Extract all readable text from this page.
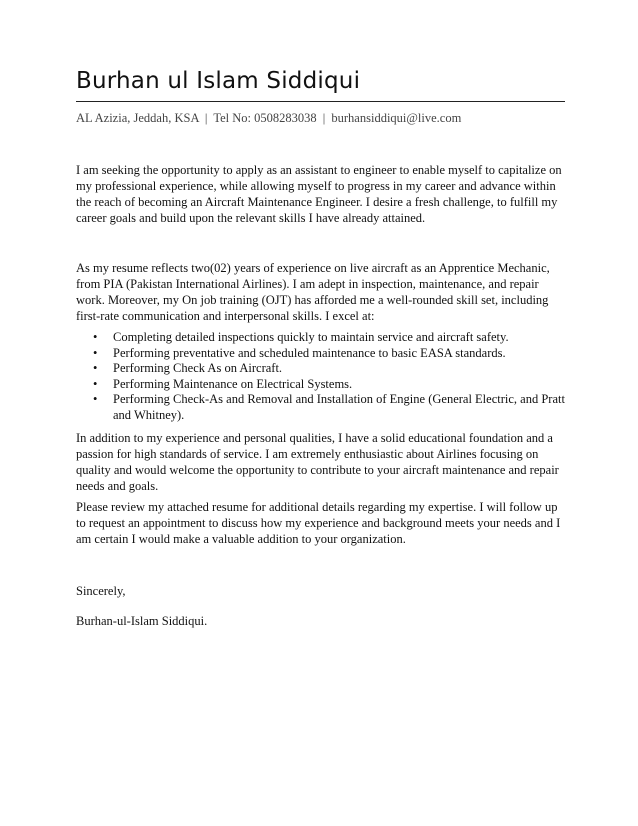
Burhan ul Islam Siddiqui
AL Azizia, Jeddah, KSA | Tel No: 0508283038 | burhansiddiqui@live.com
I am seeking the opportunity to apply as an assistant to engineer to enable myself to capitalize on my professional experience, while allowing myself to progress in my career and advance within the reach of becoming an Aircraft Maintenance Engineer. I desire a fresh challenge, to fulfill my career goals and build upon the relevant skills I have already attained.
As my resume reflects two(02) years of experience on live aircraft as an Apprentice Mechanic, from PIA (Pakistan International Airlines). I am adept in inspection, maintenance, and repair work. Moreover, my On job training (OJT) has afforded me a well-rounded skill set, including first-rate communication and interpersonal skills. I excel at:
• Completing detailed inspections quickly to maintain service and aircraft safety.
• Performing preventative and scheduled maintenance to basic EASA standards.
• Performing Check As on Aircraft.
• Performing Maintenance on Electrical Systems.
• Performing Check-As and Removal and Installation of Engine (General Electric, and Pratt and Whitney).
In addition to my experience and personal qualities, I have a solid educational foundation and a passion for high standards of service. I am extremely enthusiastic about Airlines focusing on quality and would welcome the opportunity to contribute to your aircraft maintenance and repair needs and goals.
Please review my attached resume for additional details regarding my expertise. I will follow up to request an appointment to discuss how my experience and background meets your needs and I am certain I would make a valuable addition to your organization.
Sincerely,
Burhan-ul-Islam Siddiqui.
